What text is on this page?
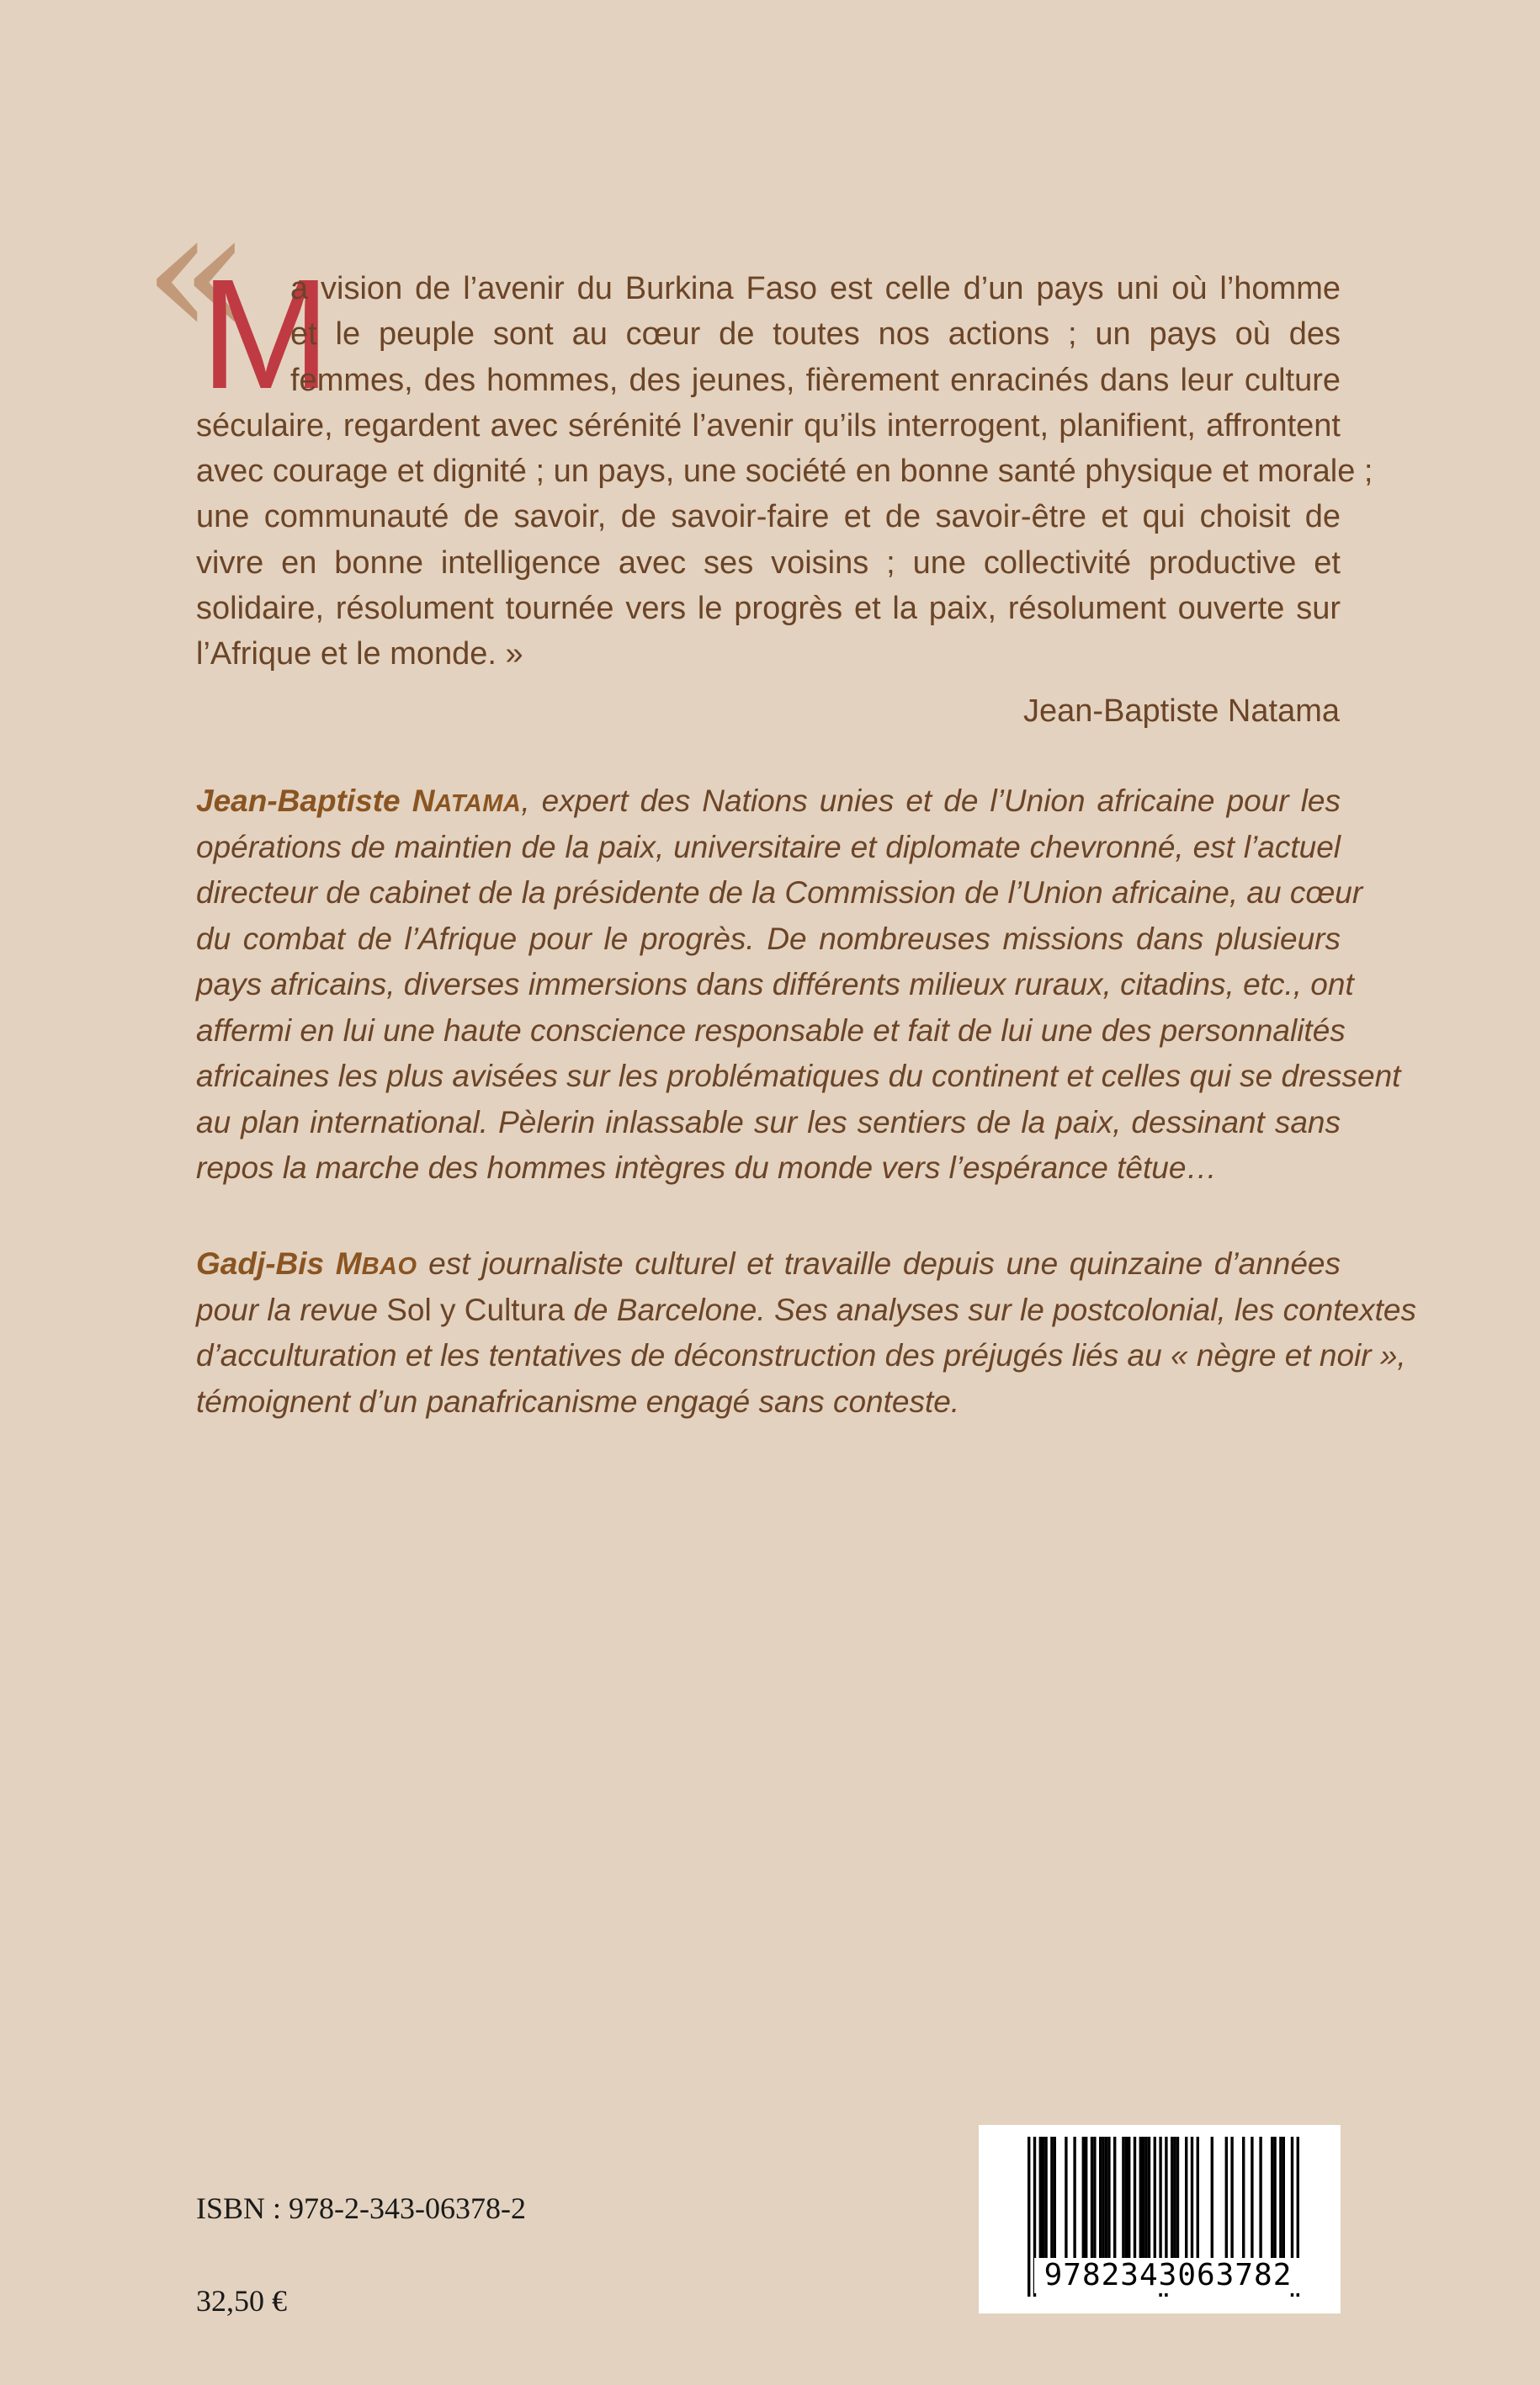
«
M
a vision de l’avenir du Burkina Faso est celle d’un pays uni où l’homme
et le peuple sont au cœur de toutes nos actions ; un pays où des
femmes, des hommes, des jeunes, fièrement enracinés dans leur culture
séculaire, regardent avec sérénité l’avenir qu’ils interrogent, planifient, affrontent
avec courage et dignité ; un pays, une société en bonne santé physique et morale ;
une communauté de savoir, de savoir-faire et de savoir-être et qui choisit de
vivre en bonne intelligence avec ses voisins ; une collectivité productive et
solidaire, résolument tournée vers le progrès et la paix, résolument ouverte sur
l’Afrique et le monde. »
Jean-Baptiste Natama
Jean-Baptiste NATAMA, expert des Nations unies et de l’Union africaine pour les
opérations de maintien de la paix, universitaire et diplomate chevronné, est l’actuel
directeur de cabinet de la présidente de la Commission de l’Union africaine, au cœur
du combat de l’Afrique pour le progrès. De nombreuses missions dans plusieurs
pays africains, diverses immersions dans différents milieux ruraux, citadins, etc., ont
affermi en lui une haute conscience responsable et fait de lui une des personnalités
africaines les plus avisées sur les problématiques du continent et celles qui se dressent
au plan international. Pèlerin inlassable sur les sentiers de la paix, dessinant sans
repos la marche des hommes intègres du monde vers l’espérance têtue…
Gadj-Bis MBAO est journaliste culturel et travaille depuis une quinzaine d’années
pour la revue Sol y Cultura de Barcelone. Ses analyses sur le postcolonial, les contextes
d’acculturation et les tentatives de déconstruction des préjugés liés au « nègre et noir »,
témoignent d’un panafricanisme engagé sans conteste.
ISBN : 978-2-343-06378-2
32,50 €
9782343063782
